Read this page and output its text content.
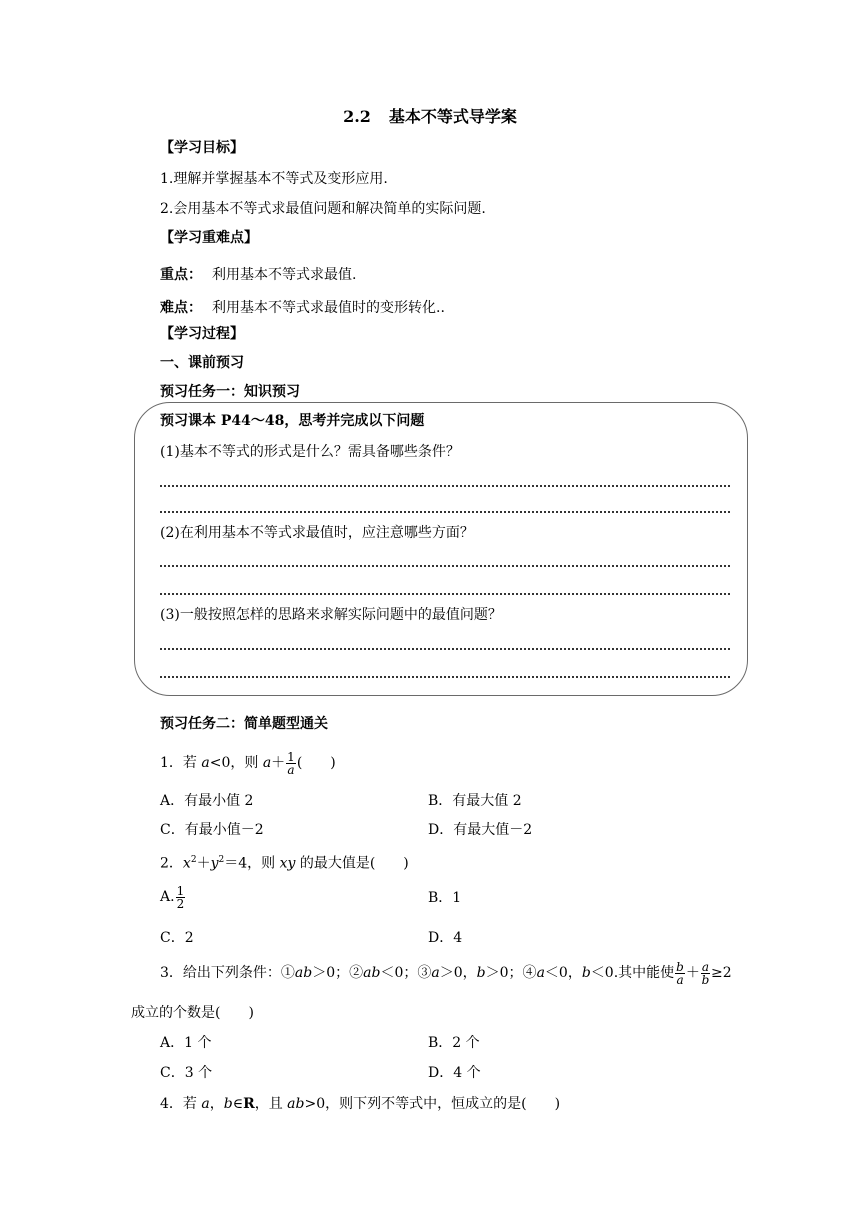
2.2 基本不等式导学案
【学习目标】
1.理解并掌握基本不等式及变形应用.
2.会用基本不等式求最值问题和解决简单的实际问题.
【学习重难点】
重点： 利用基本不等式求最值.
难点： 利用基本不等式求最值时的变形转化..
【学习过程】
一、课前预习
预习任务一：知识预习
预习课本 P44～48，思考并完成以下问题
(1)基本不等式的形式是什么？需具备哪些条件？
(2)在利用基本不等式求最值时，应注意哪些方面？
(3)一般按照怎样的思路来求解实际问题中的最值问题？
预习任务二：简单题型通关
1．若 a<0，则 $a+ \frac{1}{a}$ (　　)
A．有最小值 2	B．有最大值 2
C．有最小值－2	D．有最大值－2
2．$x^2+y^2=4$，则 xy 的最大值是(　　)
A. $\frac{1}{2}$	B．1
C．2	D．4
3．给出下列条件：①ab＞0；②ab＜0；③a＞0，b＞0；④a＜0，b＜0.其中能使 $\frac{b}{a} + \frac{a}{b} \ge 2$
成立的个数是(　　)
A．1 个	B．2 个
C．3 个	D．4 个
4．若 a，b∈R，且 ab>0，则下列不等式中，恒成立的是(　　)
